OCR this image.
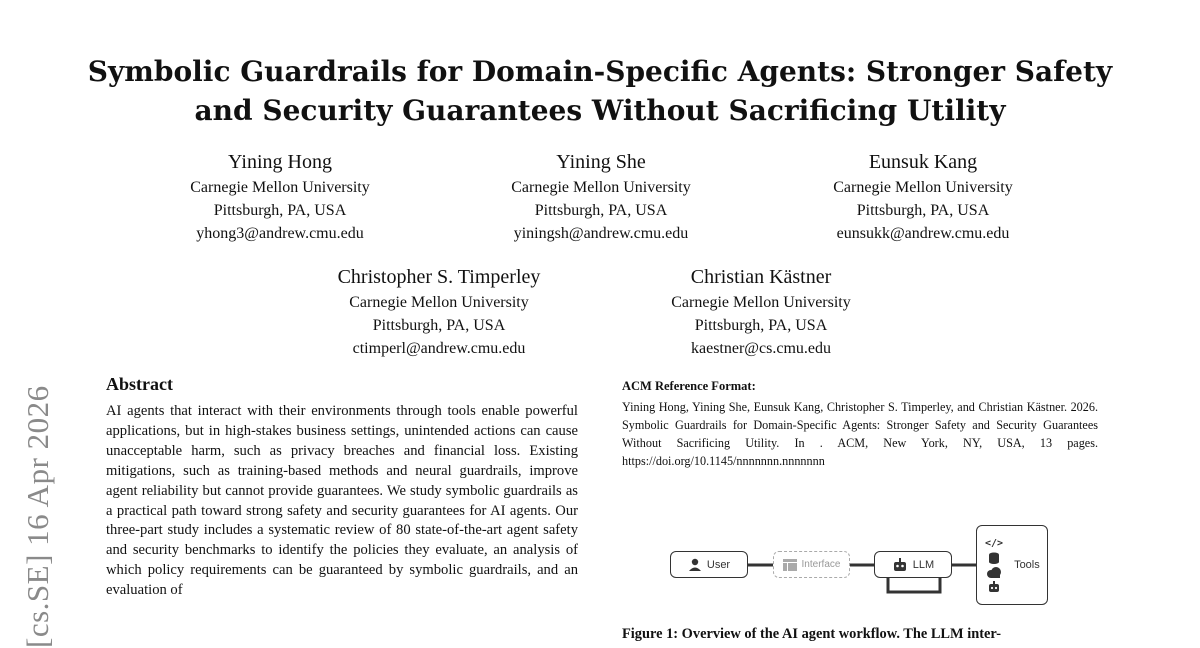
[cs.SE] 16 Apr 2026
Symbolic Guardrails for Domain-Specific Agents: Stronger Safety
and Security Guarantees Without Sacrificing Utility
Yining Hong
Carnegie Mellon University
Pittsburgh, PA, USA
yhong3@andrew.cmu.edu
Yining She
Carnegie Mellon University
Pittsburgh, PA, USA
yiningsh@andrew.cmu.edu
Eunsuk Kang
Carnegie Mellon University
Pittsburgh, PA, USA
eunsukk@andrew.cmu.edu
Christopher S. Timperley
Carnegie Mellon University
Pittsburgh, PA, USA
ctimperl@andrew.cmu.edu
Christian Kästner
Carnegie Mellon University
Pittsburgh, PA, USA
kaestner@cs.cmu.edu
Abstract

AI agents that interact with their environments through tools enable powerful applications, but in high-stakes business settings, unintended actions can cause unacceptable harm, such as privacy breaches and financial loss. Existing mitigations, such as training-based methods and neural guardrails, improve agent reliability but cannot provide guarantees. We study symbolic guardrails as a practical path toward strong safety and security guarantees for AI agents. Our three-part study includes a systematic review of 80 state-of-the-art agent safety and security benchmarks to identify the policies they evaluate, an analysis of which policy requirements can be guaranteed by symbolic guardrails, and an evaluation of

ACM Reference Format:

Yining Hong, Yining She, Eunsuk Kang, Christopher S. Timperley, and Christian Kästner. 2026. Symbolic Guardrails for Domain-Specific Agents: Stronger Safety and Security Guarantees Without Sacrificing Utility. In . ACM, New York, NY, USA, 13 pages. https://doi.org/10.1145/nnnnnnn.nnnnnnn

User	Interface	LLM
</>
Tools

Figure 1: Overview of the AI agent workflow. The LLM inter-
